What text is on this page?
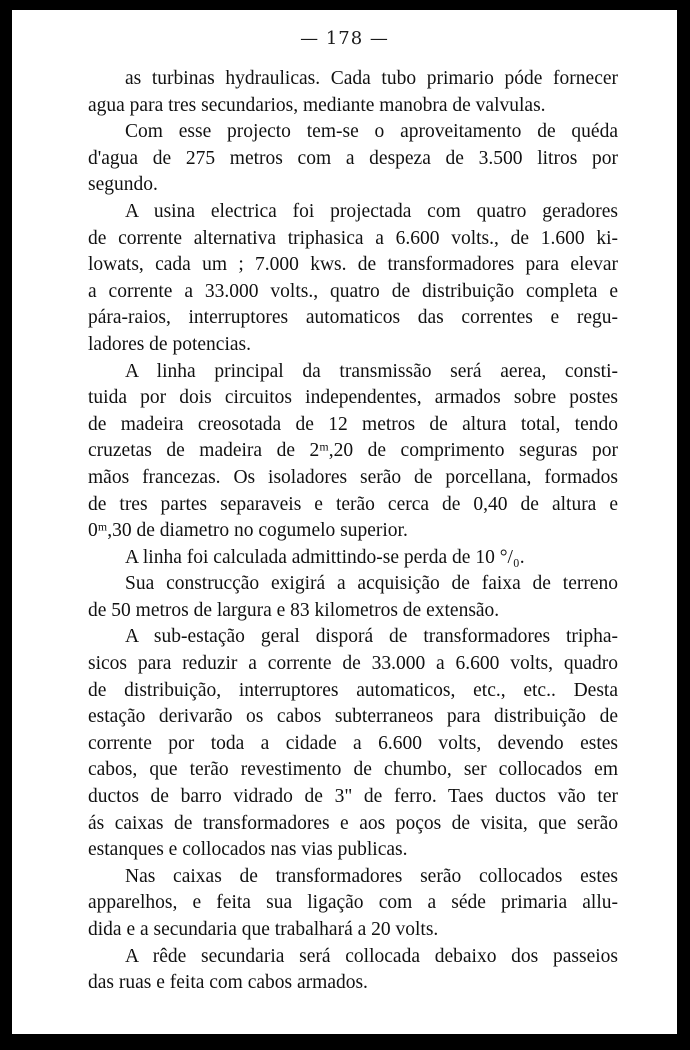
— 178 —

as turbinas hydraulicas. Cada tubo primario póde fornecer
agua para tres secundarios, mediante manobra de valvulas.

Com esse projecto tem-se o aproveitamento de quéda
d'agua de 275 metros com a despeza de 3.500 litros por
segundo.

A usina electrica foi projectada com quatro geradores
de corrente alternativa triphasica a 6.600 volts., de 1.600 ki-
lowats, cada um ; 7.000 kws. de transformadores para elevar
a corrente a 33.000 volts., quatro de distribuição completa e
pára-raios, interruptores automaticos das correntes e regu-
ladores de potencias.

A linha principal da transmissão será aerea, consti-
tuida por dois circuitos independentes, armados sobre postes
de madeira creosotada de 12 metros de altura total, tendo
cruzetas de madeira de 2ᵐ,20 de comprimento seguras por
mãos francezas. Os isoladores serão de porcellana, formados
de tres partes separaveis e terão cerca de 0,40 de altura e
0ᵐ,30 de diametro no cogumelo superior.

A linha foi calculada admittindo-se perda de 10 °/₀.

Sua construcção exigirá a acquisição de faixa de terreno
de 50 metros de largura e 83 kilometros de extensão.

A sub-estação geral disporá de transformadores tripha-
sicos para reduzir a corrente de 33.000 a 6.600 volts, quadro
de distribuição, interruptores automaticos, etc., etc.. Desta
estação derivarão os cabos subterraneos para distribuição de
corrente por toda a cidade a 6.600 volts, devendo estes
cabos, que terão revestimento de chumbo, ser collocados em
ductos de barro vidrado de 3" de ferro. Taes ductos vão ter
ás caixas de transformadores e aos poços de visita, que serão
estanques e collocados nas vias publicas.

Nas caixas de transformadores serão collocados estes
apparelhos, e feita sua ligação com a séde primaria allu-
dida e a secundaria que trabalhará a 20 volts.

A rêde secundaria será collocada debaixo dos passeios
das ruas e feita com cabos armados.
